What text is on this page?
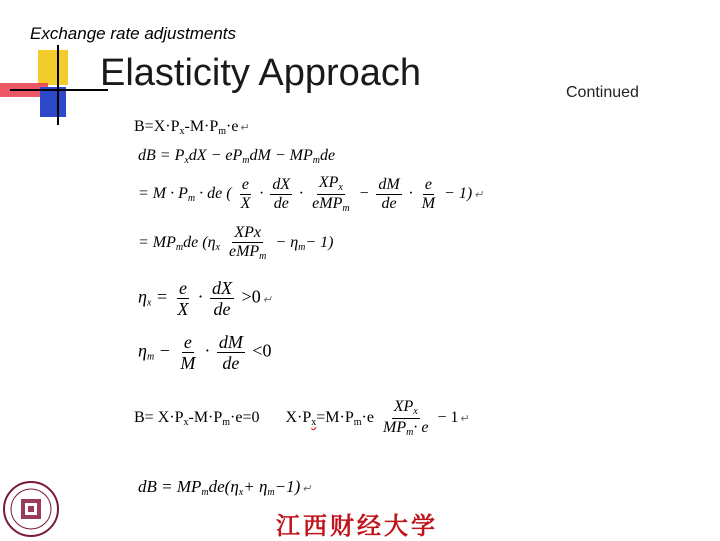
Exchange rate adjustments
Elasticity Approach	Continued
$B=X\cdot P_x-M\cdot P_m\cdot e$ ↵
dB = $P_xdX - eP_mdM - MP_mde$
= $M \cdot P_m$ · de ( $\frac{e}{X} \cdot \frac{dX}{de} \cdot \frac{XP_x}{eMP_m} - \frac{dM}{de} \cdot \frac{e}{M} - 1$) ↵
= $MP_mde$ $(\eta_x \frac{\text{XPx}}{eMP_m} - \eta_m- 1)$
$\eta_x = \frac{e}{X} \cdot \frac{dX}{de} >0$ ↵
$\eta_m - \frac{e}{M} \cdot \frac{dM}{de} <0$
$B= X\cdot P_x-M\cdot P_m\cdot e=0$ $X\cdot P_x=M\cdot P_m\cdot e \frac{XP_x}{MP_m\cdot e} - 1$ ↵
dB = $MP_mde(\eta_x+ \eta_m-1)$ ↵
江西财经大学
